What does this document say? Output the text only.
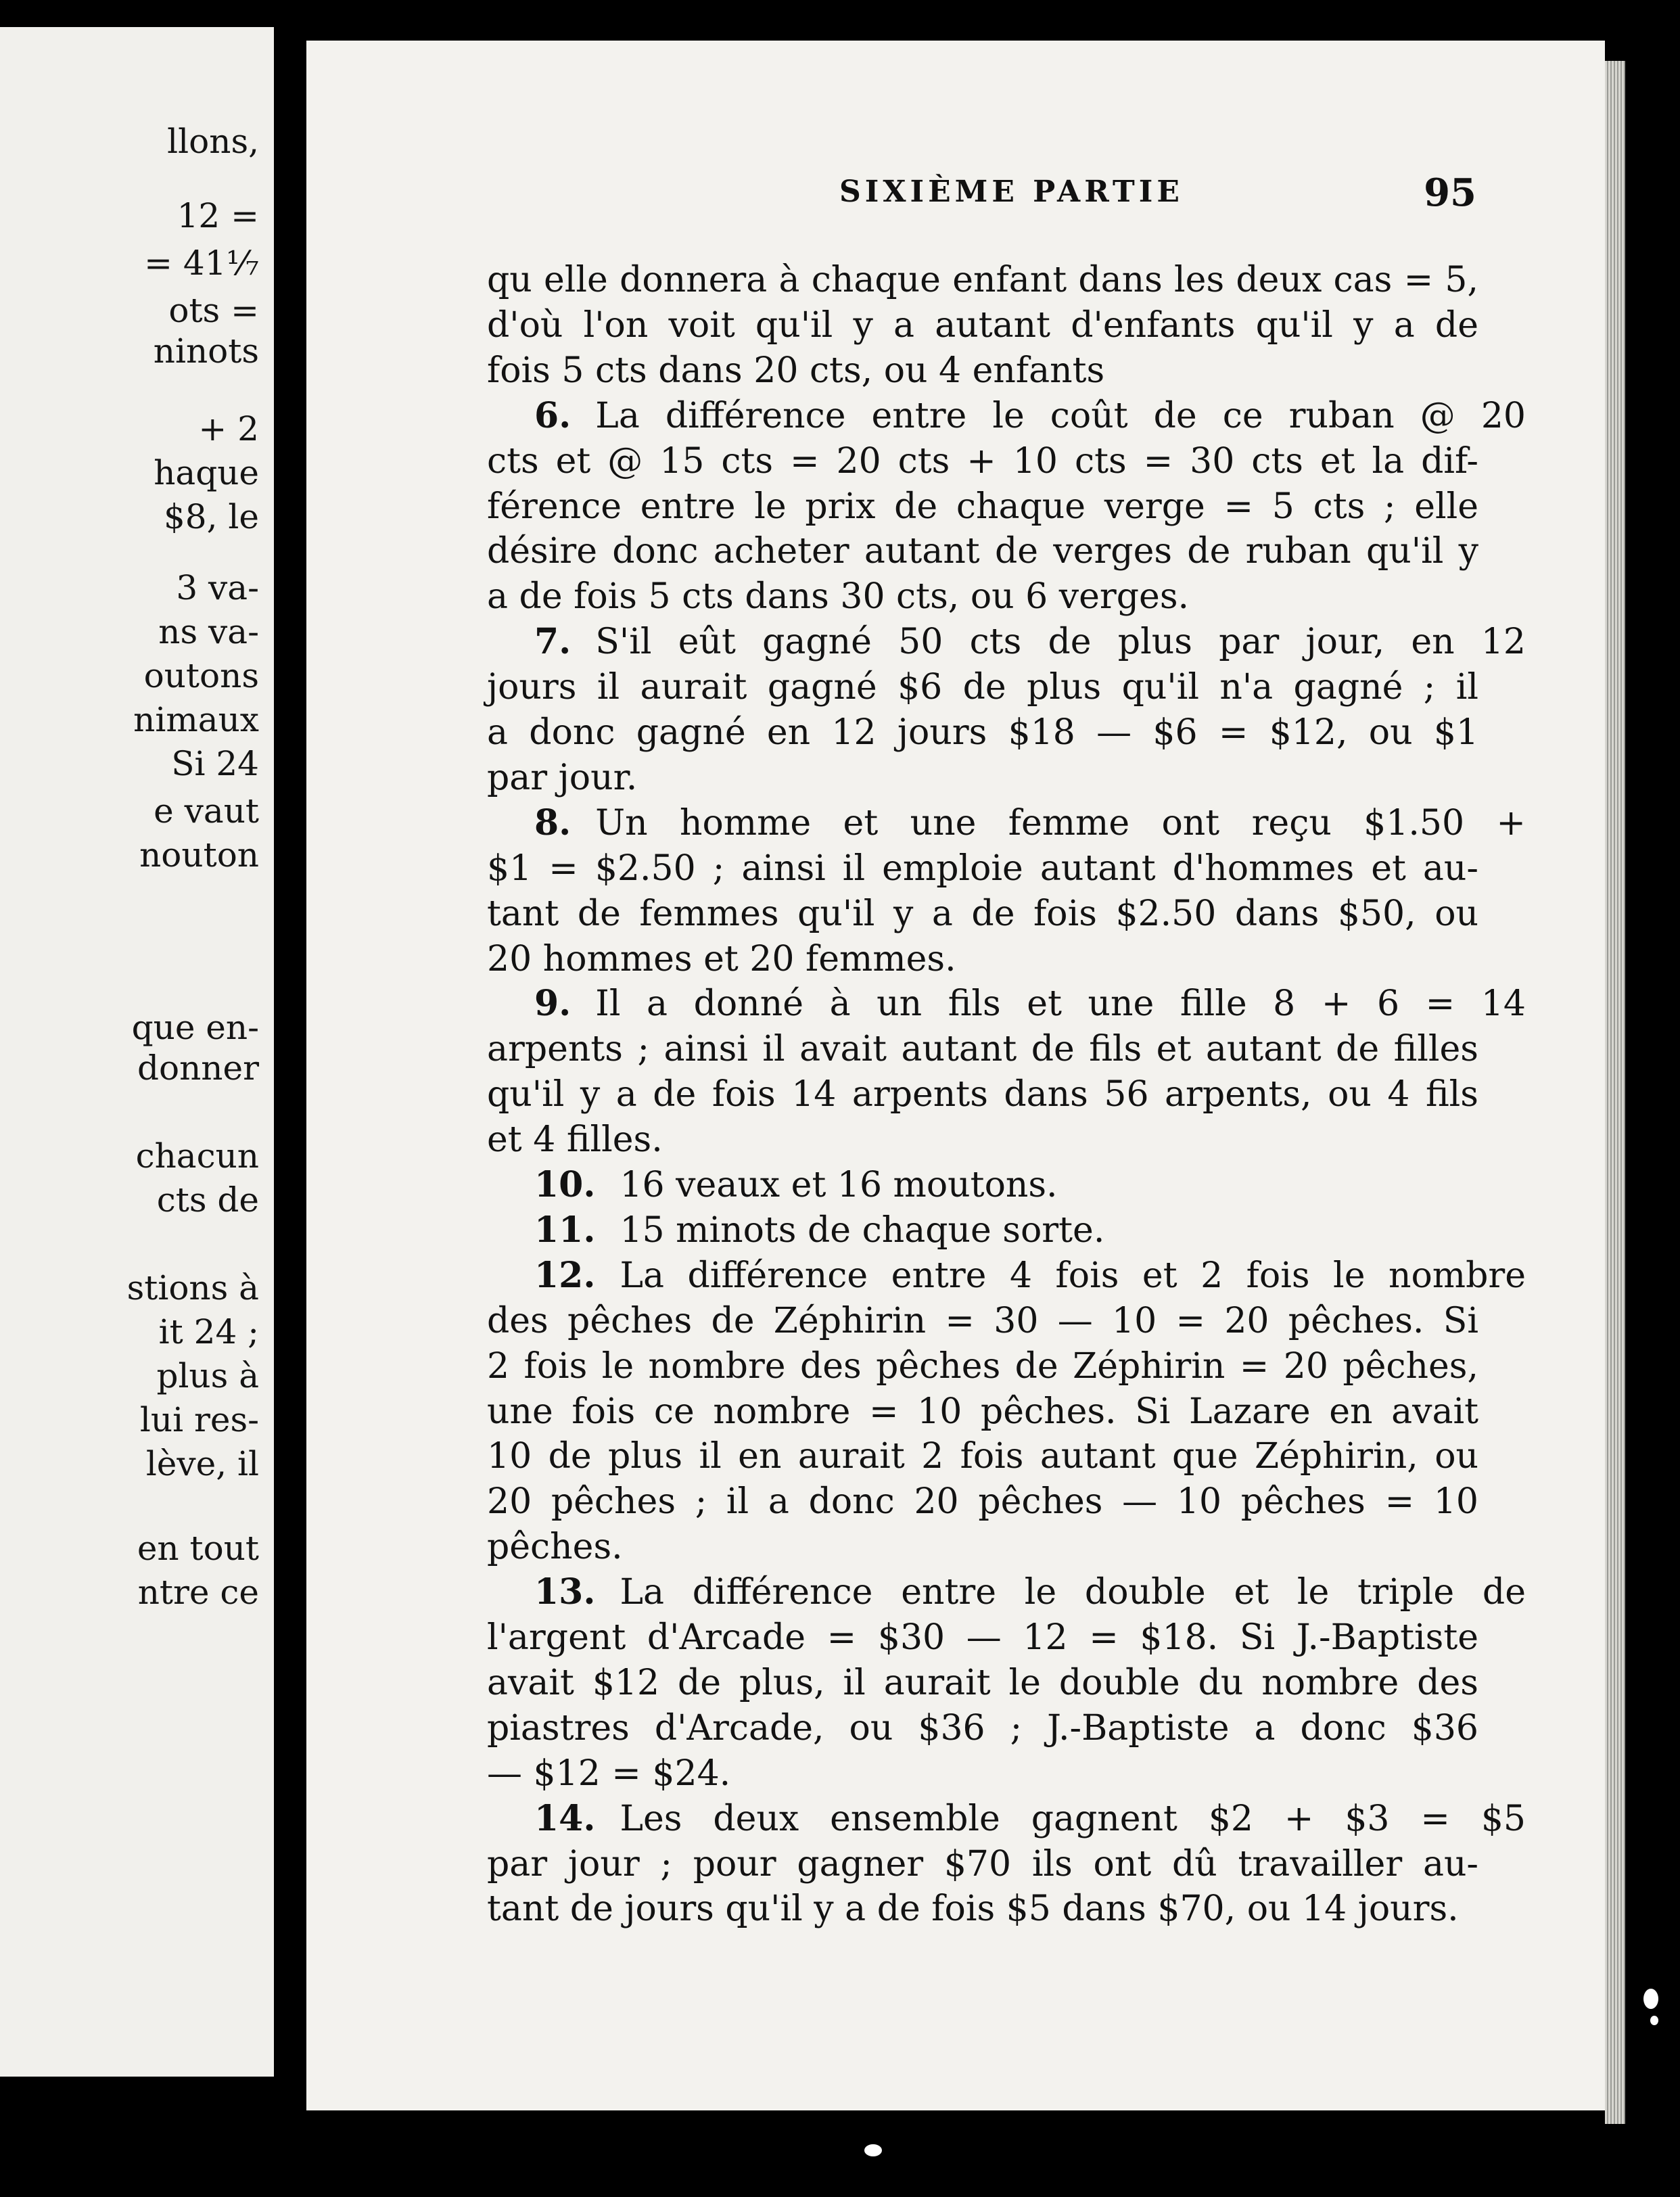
llons,
12 =
= 41⅐
ots =
ninots
+ 2
haque
$8, le
3 va-
ns va-
outons
nimaux
Si 24
e vaut
nouton
que en-
donner
chacun
cts de
stions à
it 24 ;
plus à
lui res-
lève, il
en tout
ntre ce
SIXIÈME PARTIE	95
qu elle donnera à chaque enfant dans les deux cas = 5,
d'où l'on voit qu'il y a autant d'enfants qu'il y a de
fois 5 cts dans 20 cts, ou 4 enfants
6. La différence entre le coût de ce ruban @ 20
cts et @ 15 cts = 20 cts + 10 cts = 30 cts et la dif-
férence entre le prix de chaque verge = 5 cts ; elle
désire donc acheter autant de verges de ruban qu'il y
a de fois 5 cts dans 30 cts, ou 6 verges.
7. S'il eût gagné 50 cts de plus par jour, en 12
jours il aurait gagné $6 de plus qu'il n'a gagné ; il
a donc gagné en 12 jours $18 — $6 = $12, ou $1
par jour.
8. Un homme et une femme ont reçu $1.50 +
$1 = $2.50 ; ainsi il emploie autant d'hommes et au-
tant de femmes qu'il y a de fois $2.50 dans $50, ou
20 hommes et 20 femmes.
9. Il a donné à un fils et une fille 8 + 6 = 14
arpents ; ainsi il avait autant de fils et autant de filles
qu'il y a de fois 14 arpents dans 56 arpents, ou 4 fils
et 4 filles.
10. 16 veaux et 16 moutons.
11. 15 minots de chaque sorte.
12. La différence entre 4 fois et 2 fois le nombre
des pêches de Zéphirin = 30 — 10 = 20 pêches. Si
2 fois le nombre des pêches de Zéphirin = 20 pêches,
une fois ce nombre = 10 pêches. Si Lazare en avait
10 de plus il en aurait 2 fois autant que Zéphirin, ou
20 pêches ; il a donc 20 pêches — 10 pêches = 10
pêches.
13. La différence entre le double et le triple de
l'argent d'Arcade = $30 — 12 = $18. Si J.-Baptiste
avait $12 de plus, il aurait le double du nombre des
piastres d'Arcade, ou $36 ; J.-Baptiste a donc $36
— $12 = $24.
14. Les deux ensemble gagnent $2 + $3 = $5
par jour ; pour gagner $70 ils ont dû travailler au-
tant de jours qu'il y a de fois $5 dans $70, ou 14 jours.
